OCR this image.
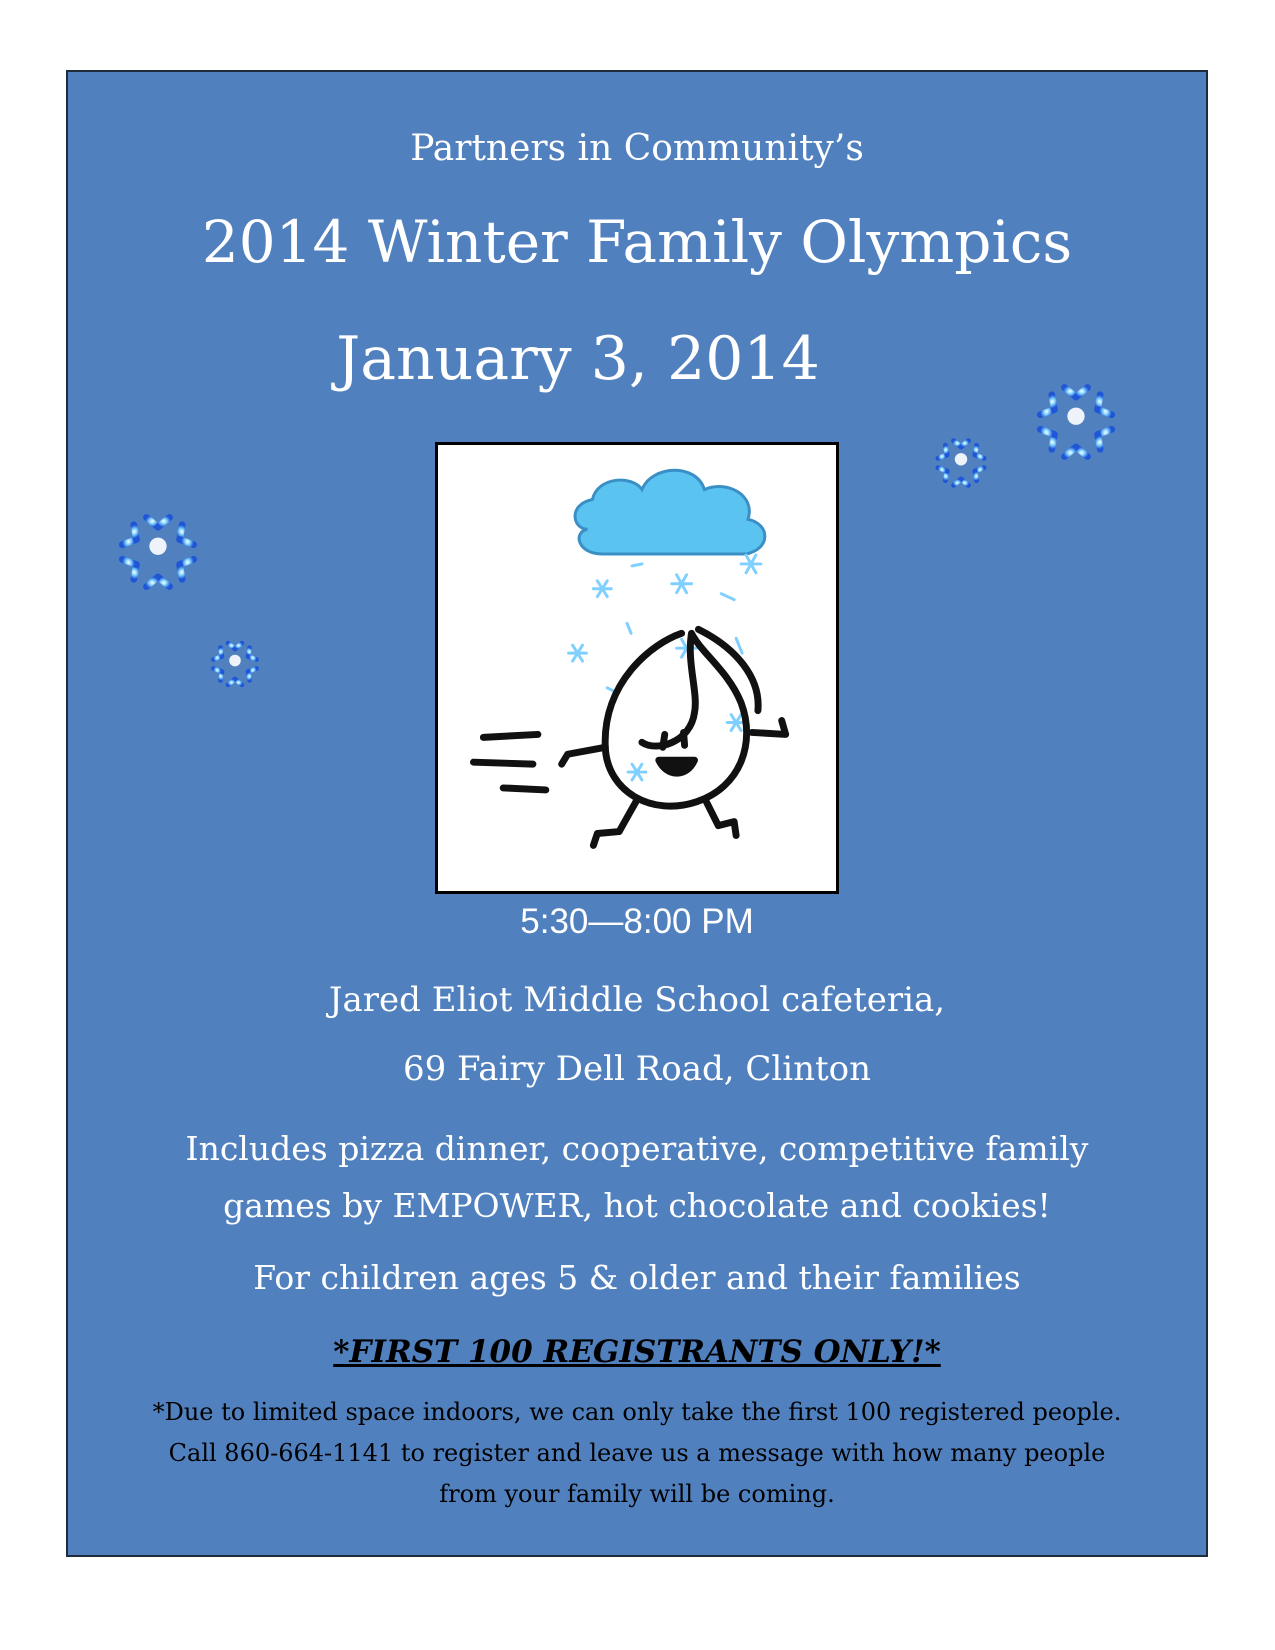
Partners in Community’s
2014 Winter Family Olympics
January 3, 2014
5:30—8:00 PM
Jared Eliot Middle School cafeteria,
69 Fairy Dell Road, Clinton
Includes pizza dinner, cooperative, competitive family
games by EMPOWER, hot chocolate and cookies!
For children ages 5 & older and their families
*FIRST 100 REGISTRANTS ONLY!*
*Due to limited space indoors, we can only take the first 100 registered people.
Call 860-664-1141 to register and leave us a message with how many people
from your family will be coming.
